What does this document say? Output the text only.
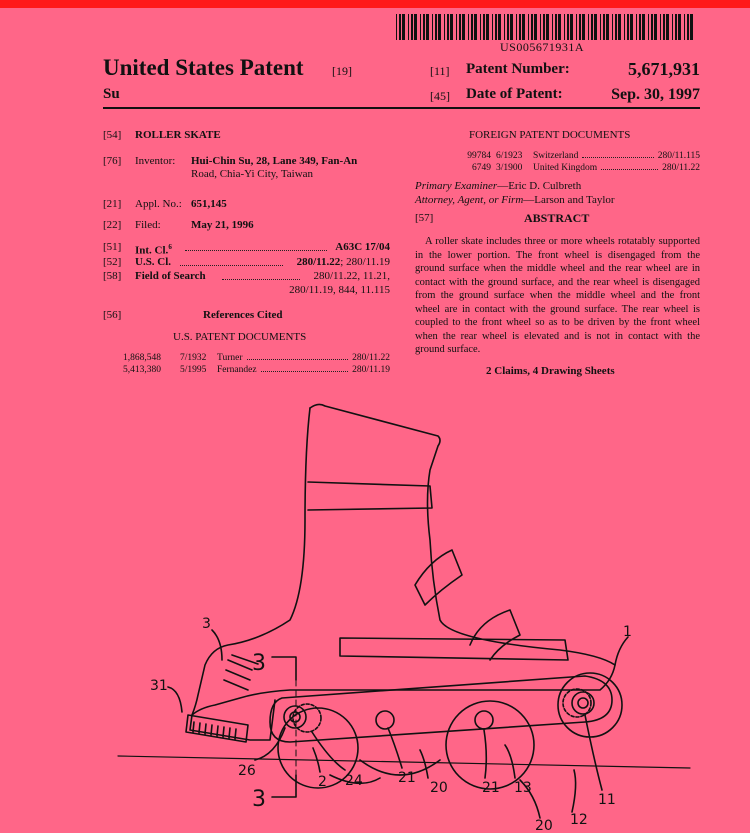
US005671931A
United States Patent [19]
Su
[11] Patent Number:	5,671,931
[45] Date of Patent:	Sep. 30, 1997
[54] ROLLER SKATE
[76] Inventor: Hui-Chin Su, 28, Lane 349, Fan-An
Road, Chia-Yi City, Taiwan
[21] Appl. No.: 651,145
[22] Filed:	May 21, 1996
[51] Int. Cl.$^6$	A63C 17/04
[52] U.S. Cl.	280/11.22; 280/11.19
[58] Field of Search	280/11.22, 11.21,
280/11.19, 844, 11.115
[56]	References Cited
U.S. PATENT DOCUMENTS
1,868,548	7/1932	Turner	280/11.22
5,413,380	5/1995	Fernandez	280/11.19
FOREIGN PATENT DOCUMENTS
99784 6/1923	Switzerland	280/11.115
6749 3/1900	United Kingdom	280/11.22
Primary Examiner—Eric D. Culbreth
Attorney, Agent, or Firm—Larson and Taylor
[57]	ABSTRACT
A roller skate includes three or more wheels rotatably supported in the lower portion. The front wheel is disengaged from the ground surface when the middle wheel and the rear wheel are in contact with the ground surface, and the rear wheel is disengaged from the ground surface when the middle wheel and the front wheel are in contact with the ground surface. The rear wheel is coupled to the front wheel so as to be driven by the front wheel when the rear wheel is elevated and is not in contact with the ground surface.
2 Claims, 4 Drawing Sheets
1
3
31
3
3
26
2 24	21
20 21 13
11
12
20
